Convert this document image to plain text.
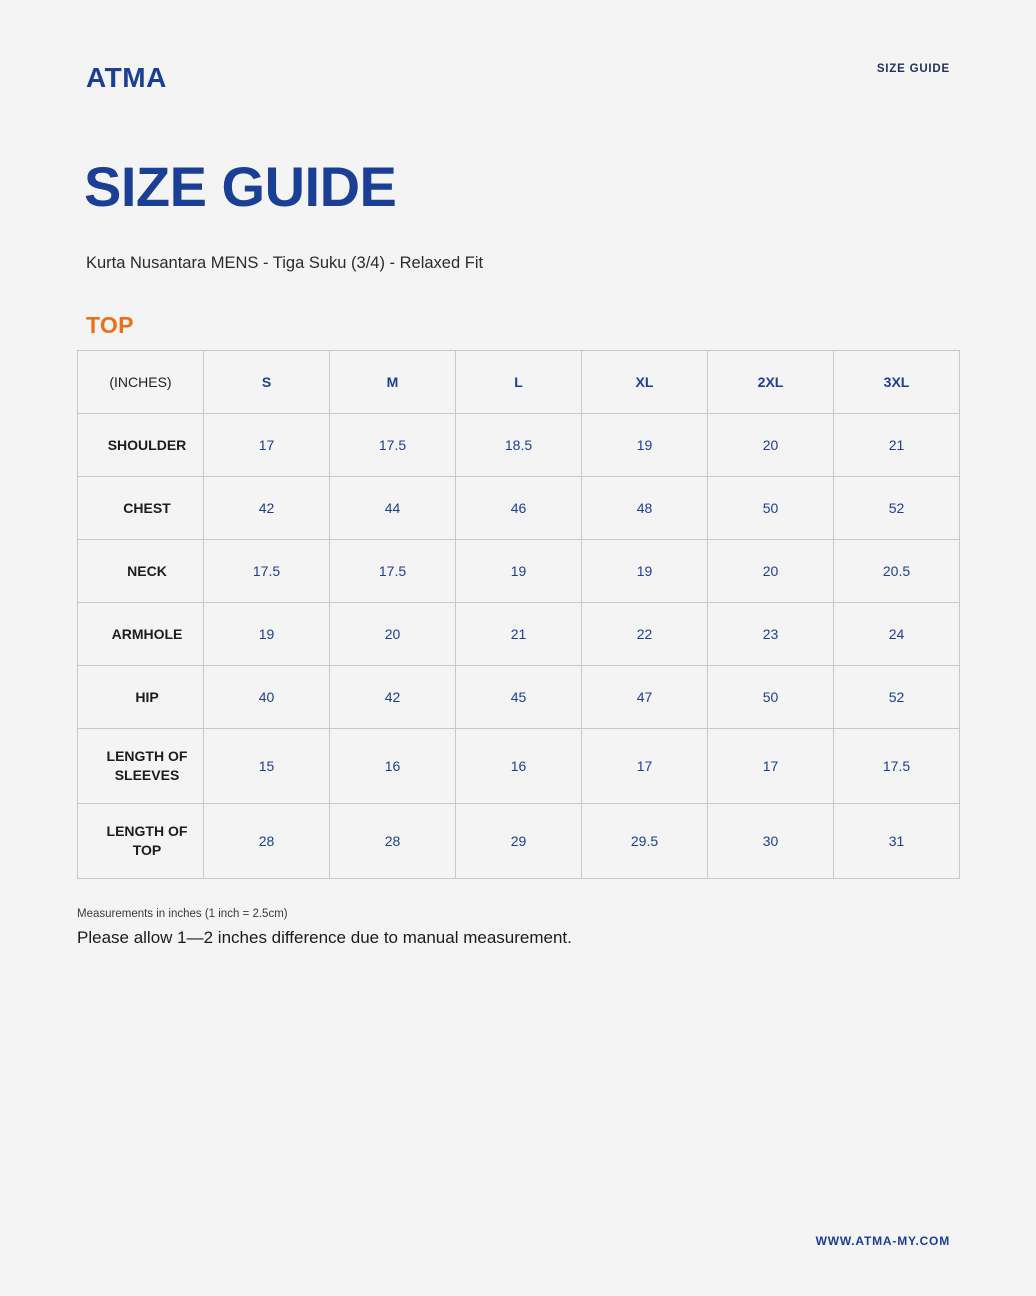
ATMA	SIZE GUIDE
SIZE GUIDE
Kurta Nusantara MENS - Tiga Suku (3/4) - Relaxed Fit
TOP
(INCHES)	S	M	L	XL	2XL	3XL
SHOULDER	17	17.5	18.5	19	20	21
CHEST	42	44	46	48	50	52
NECK	17.5	17.5	19	19	20	20.5
ARMHOLE	19	20	21	22	23	24
HIP	40	42	45	47	50	52
LENGTH OF SLEEVES	15	16	16	17	17	17.5
LENGTH OF TOP	28	28	29	29.5	30	31
Measurements in inches (1 inch = 2.5cm)
Please allow 1—2 inches difference due to manual measurement.
WWW.ATMA-MY.COM
